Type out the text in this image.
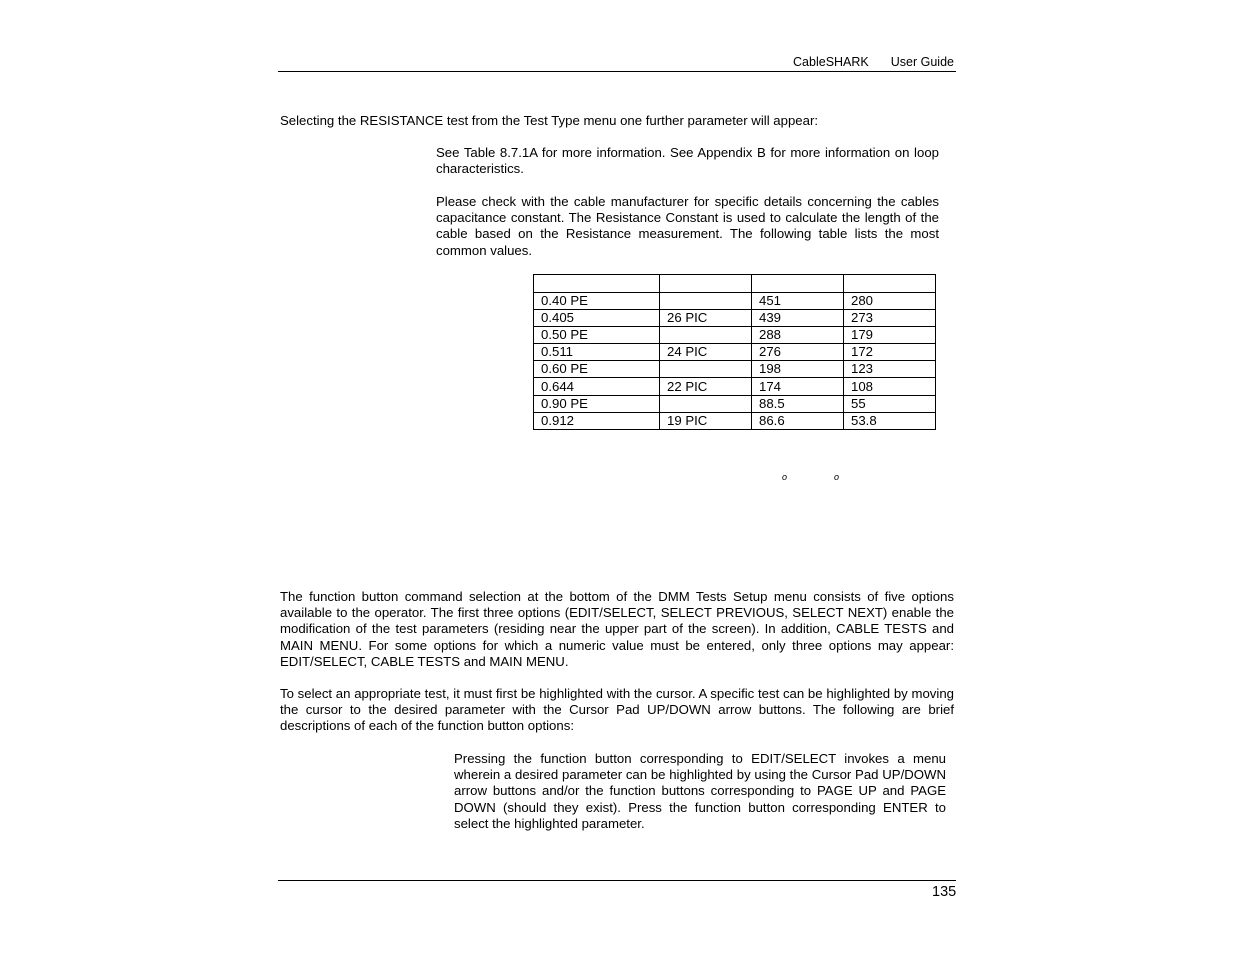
CableSHARK User Guide

Selecting the RESISTANCE test from the Test Type menu one further parameter will appear:

See Table 8.7.1A for more information. See Appendix B for more information on loop characteristics.

Please check with the cable manufacturer for specific details concerning the cables capacitance constant. The Resistance Constant is used to calculate the length of the cable based on the Resistance measurement. The following table lists the most common values.

0.40 PE		451	280
0.405	26 PIC	439	273
0.50 PE		288	179
0.511	24 PIC	276	172
0.60 PE		198	123
0.644	22 PIC	174	108
0.90 PE		88.5	55
0.912	19 PIC	86.6	53.8
o	o

The function button command selection at the bottom of the DMM Tests Setup menu consists of five options available to the operator. The first three options (EDIT/SELECT, SELECT PREVIOUS, SELECT NEXT) enable the modification of the test parameters (residing near the upper part of the screen). In addition, CABLE TESTS and MAIN MENU. For some options for which a numeric value must be entered, only three options may appear: EDIT/SELECT, CABLE TESTS and MAIN MENU.

To select an appropriate test, it must first be highlighted with the cursor. A specific test can be highlighted by moving the cursor to the desired parameter with the Cursor Pad UP/DOWN arrow buttons. The following are brief descriptions of each of the function button options:

Pressing the function button corresponding to EDIT/SELECT invokes a menu wherein a desired parameter can be highlighted by using the Cursor Pad UP/DOWN arrow buttons and/or the function buttons corresponding to PAGE UP and PAGE DOWN (should they exist). Press the function button corresponding ENTER to select the highlighted parameter.

135
